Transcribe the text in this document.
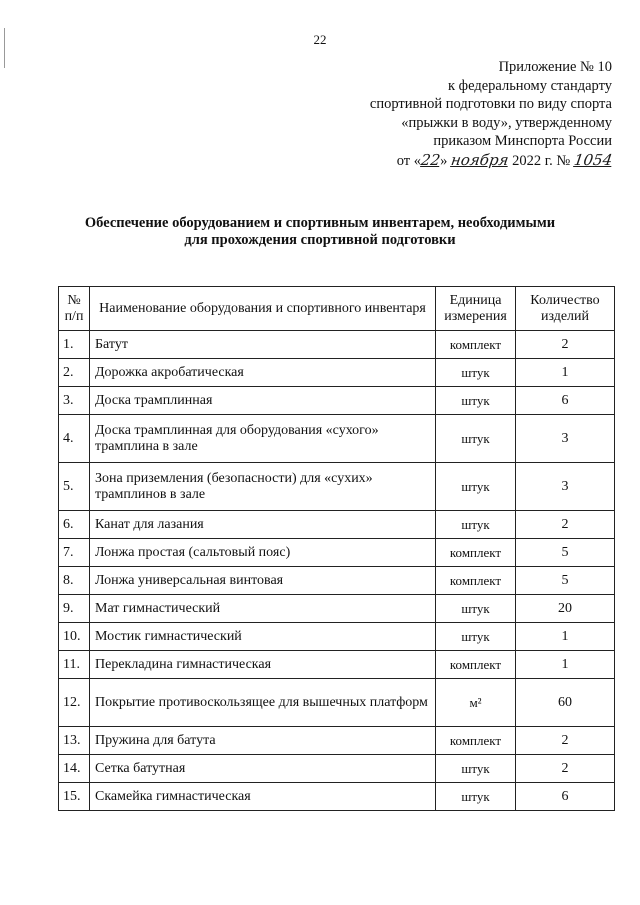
22
Приложение № 10
к федеральному стандарту
спортивной подготовки по виду спорта
«прыжки в воду», утвержденному
приказом Минспорта России
от «22» ноября 2022 г. № 1054
Обеспечение оборудованием и спортивным инвентарем, необходимыми
для прохождения спортивной подготовки
№ п/п	Наименование оборудования и спортивного инвентаря	Единица измерения	Количество изделий
1.	Батут	комплект	2
2.	Дорожка акробатическая	штук	1
3.	Доска трамплинная	штук	6
4.	Доска трамплинная для оборудования «сухого» трамплина в зале	штук	3
5.	Зона приземления (безопасности) для «сухих» трамплинов в зале	штук	3
6.	Канат для лазания	штук	2
7.	Лонжа простая (сальтовый пояс)	комплект	5
8.	Лонжа универсальная винтовая	комплект	5
9.	Мат гимнастический	штук	20
10.	Мостик гимнастический	штук	1
11.	Перекладина гимнастическая	комплект	1
12.	Покрытие противоскользящее для вышечных платформ	м²	60
13.	Пружина для батута	комплект	2
14.	Сетка батутная	штук	2
15.	Скамейка гимнастическая	штук	6
